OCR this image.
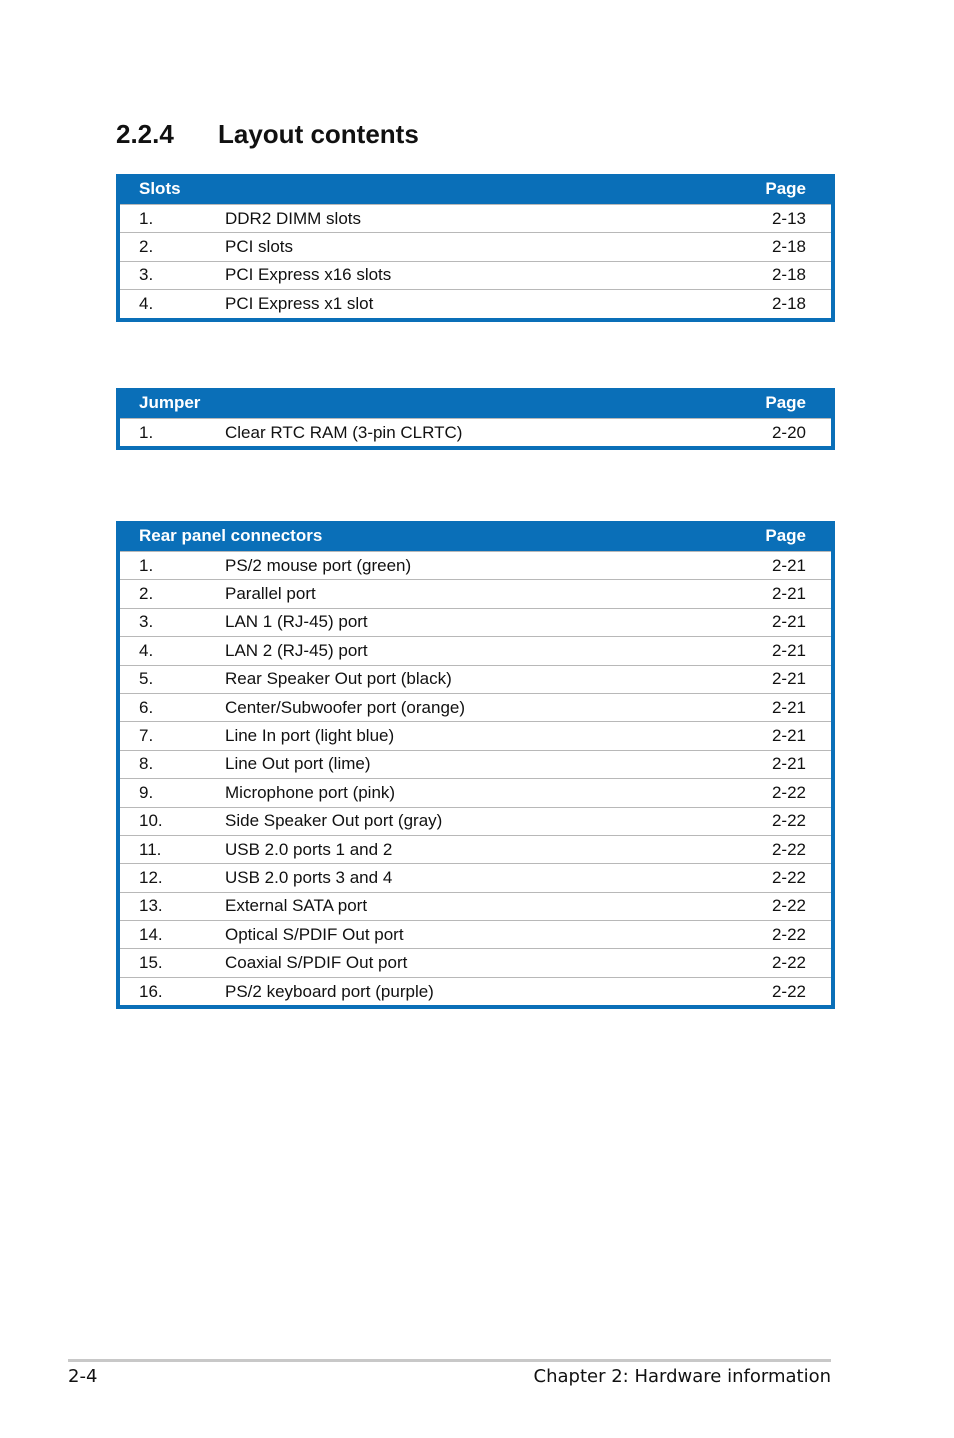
2.2.4	Layout contents
Slots	Page
1.	DDR2 DIMM slots	2-13
2.	PCI slots	2-18
3.	PCI Express x16 slots	2-18
4.	PCI Express x1 slot	2-18
Jumper	Page
1.	Clear RTC RAM (3-pin CLRTC)	2-20
Rear panel connectors	Page
1.	PS/2 mouse port (green)	2-21
2.	Parallel port	2-21
3.	LAN 1 (RJ-45) port	2-21
4.	LAN 2 (RJ-45) port	2-21
5.	Rear Speaker Out port (black)	2-21
6.	Center/Subwoofer port (orange)	2-21
7.	Line In port (light blue)	2-21
8.	Line Out port (lime)	2-21
9.	Microphone port (pink)	2-22
10.	Side Speaker Out port (gray)	2-22
11.	USB 2.0 ports 1 and 2	2-22
12.	USB 2.0 ports 3 and 4	2-22
13.	External SATA port	2-22
14.	Optical S/PDIF Out port	2-22
15.	Coaxial S/PDIF Out port	2-22
16.	PS/2 keyboard port (purple)	2-22
2-4	Chapter 2: Hardware information
